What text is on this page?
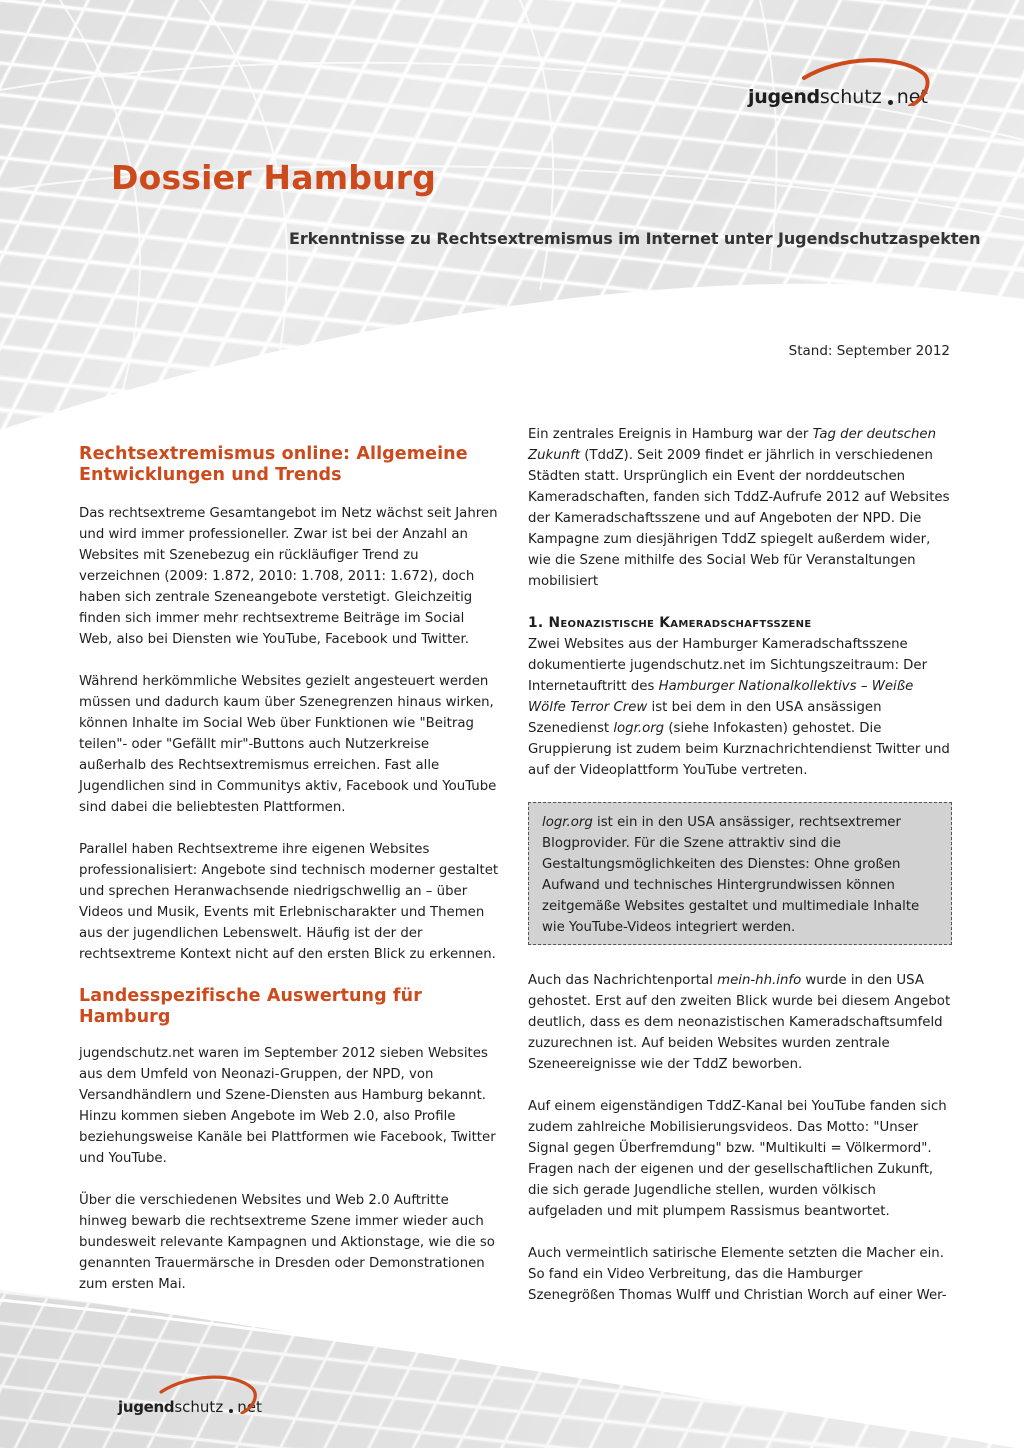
jugend schutz net
Dossier Hamburg
Erkenntnisse zu Rechtsextremismus im Internet unter Jugendschutzaspekten
Stand: September 2012
Rechtsextremismus online: Allgemeine Entwicklungen und Trends

Das rechtsextreme Gesamtangebot im Netz wächst seit Jahren und wird immer professioneller. Zwar ist bei der Anzahl an Websites mit Szenebezug ein rückläufiger Trend zu verzeichnen (2009: 1.872, 2010: 1.708, 2011: 1.672), doch haben sich zentrale Szeneangebote verstetigt. Gleichzeitig finden sich immer mehr rechtsextreme Beiträge im Social Web, also bei Diensten wie YouTube, Facebook und Twitter.

Während herkömmliche Websites gezielt angesteuert werden müssen und dadurch kaum über Szenegrenzen hinaus wirken, können Inhalte im Social Web über Funktionen wie "Beitrag teilen"- oder "Gefällt mir"-Buttons auch Nutzerkreise außerhalb des Rechtsextremismus erreichen. Fast alle Jugendlichen sind in Communitys aktiv, Facebook und YouTube sind dabei die beliebtesten Plattformen.

Parallel haben Rechtsextreme ihre eigenen Websites professionalisiert: Angebote sind technisch moderner gestaltet und sprechen Heranwachsende niedrigschwellig an – über Videos und Musik, Events mit Erlebnischarakter und Themen aus der jugendlichen Lebenswelt. Häufig ist der der rechtsextreme Kontext nicht auf den ersten Blick zu erkennen.

Landesspezifische Auswertung für Hamburg

jugendschutz.net waren im September 2012 sieben Websites aus dem Umfeld von Neonazi-Gruppen, der NPD, von Versandhändlern und Szene-Diensten aus Hamburg bekannt. Hinzu kommen sieben Angebote im Web 2.0, also Profile beziehungsweise Kanäle bei Plattformen wie Facebook, Twitter und YouTube.

Über die verschiedenen Websites und Web 2.0 Auftritte hinweg bewarb die rechtsextreme Szene immer wieder auch bundesweit relevante Kampagnen und Aktionstage, wie die so genannten Trauermärsche in Dresden oder Demonstrationen zum ersten Mai.

Ein zentrales Ereignis in Hamburg war der Tag der deutschen Zukunft (TddZ). Seit 2009 findet er jährlich in verschiedenen Städten statt. Ursprünglich ein Event der norddeutschen Kameradschaften, fanden sich TddZ-Aufrufe 2012 auf Websites der Kameradschaftsszene und auf Angeboten der NPD. Die Kampagne zum diesjährigen TddZ spiegelt außerdem wider, wie die Szene mithilfe des Social Web für Veranstaltungen mobilisiert

1. Neonazistische Kameradschaftsszene

Zwei Websites aus der Hamburger Kameradschaftsszene dokumentierte jugendschutz.net im Sichtungszeitraum: Der Internetauftritt des Hamburger Nationalkollektivs – Weiße Wölfe Terror Crew ist bei dem in den USA ansässigen Szenedienst logr.org (siehe Infokasten) gehostet. Die Gruppierung ist zudem beim Kurznachrichtendienst Twitter und auf der Videoplattform YouTube vertreten.

logr.org ist ein in den USA ansässiger, rechtsextremer Blogprovider. Für die Szene attraktiv sind die Gestaltungsmöglichkeiten des Dienstes: Ohne großen Aufwand und technisches Hintergrundwissen können zeitgemäße Websites gestaltet und multimediale Inhalte wie YouTube-Videos integriert werden.

Auch das Nachrichtenportal mein-hh.info wurde in den USA gehostet. Erst auf den zweiten Blick wurde bei diesem Angebot deutlich, dass es dem neonazistischen Kameradschaftsumfeld zuzurechnen ist. Auf beiden Websites wurden zentrale Szeneereignisse wie der TddZ beworben.

Auf einem eigenständigen TddZ-Kanal bei YouTube fanden sich zudem zahlreiche Mobilisierungsvideos. Das Motto: "Unser Signal gegen Überfremdung" bzw. "Multikulti = Völkermord". Fragen nach der eigenen und der gesellschaftlichen Zukunft, die sich gerade Jugendliche stellen, wurden völkisch aufgeladen und mit plumpem Rassismus beantwortet.

Auch vermeintlich satirische Elemente setzten die Macher ein. So fand ein Video Verbreitung, das die Hamburger Szenegrößen Thomas Wulff und Christian Worch auf einer Wer-

jugend schutz net
